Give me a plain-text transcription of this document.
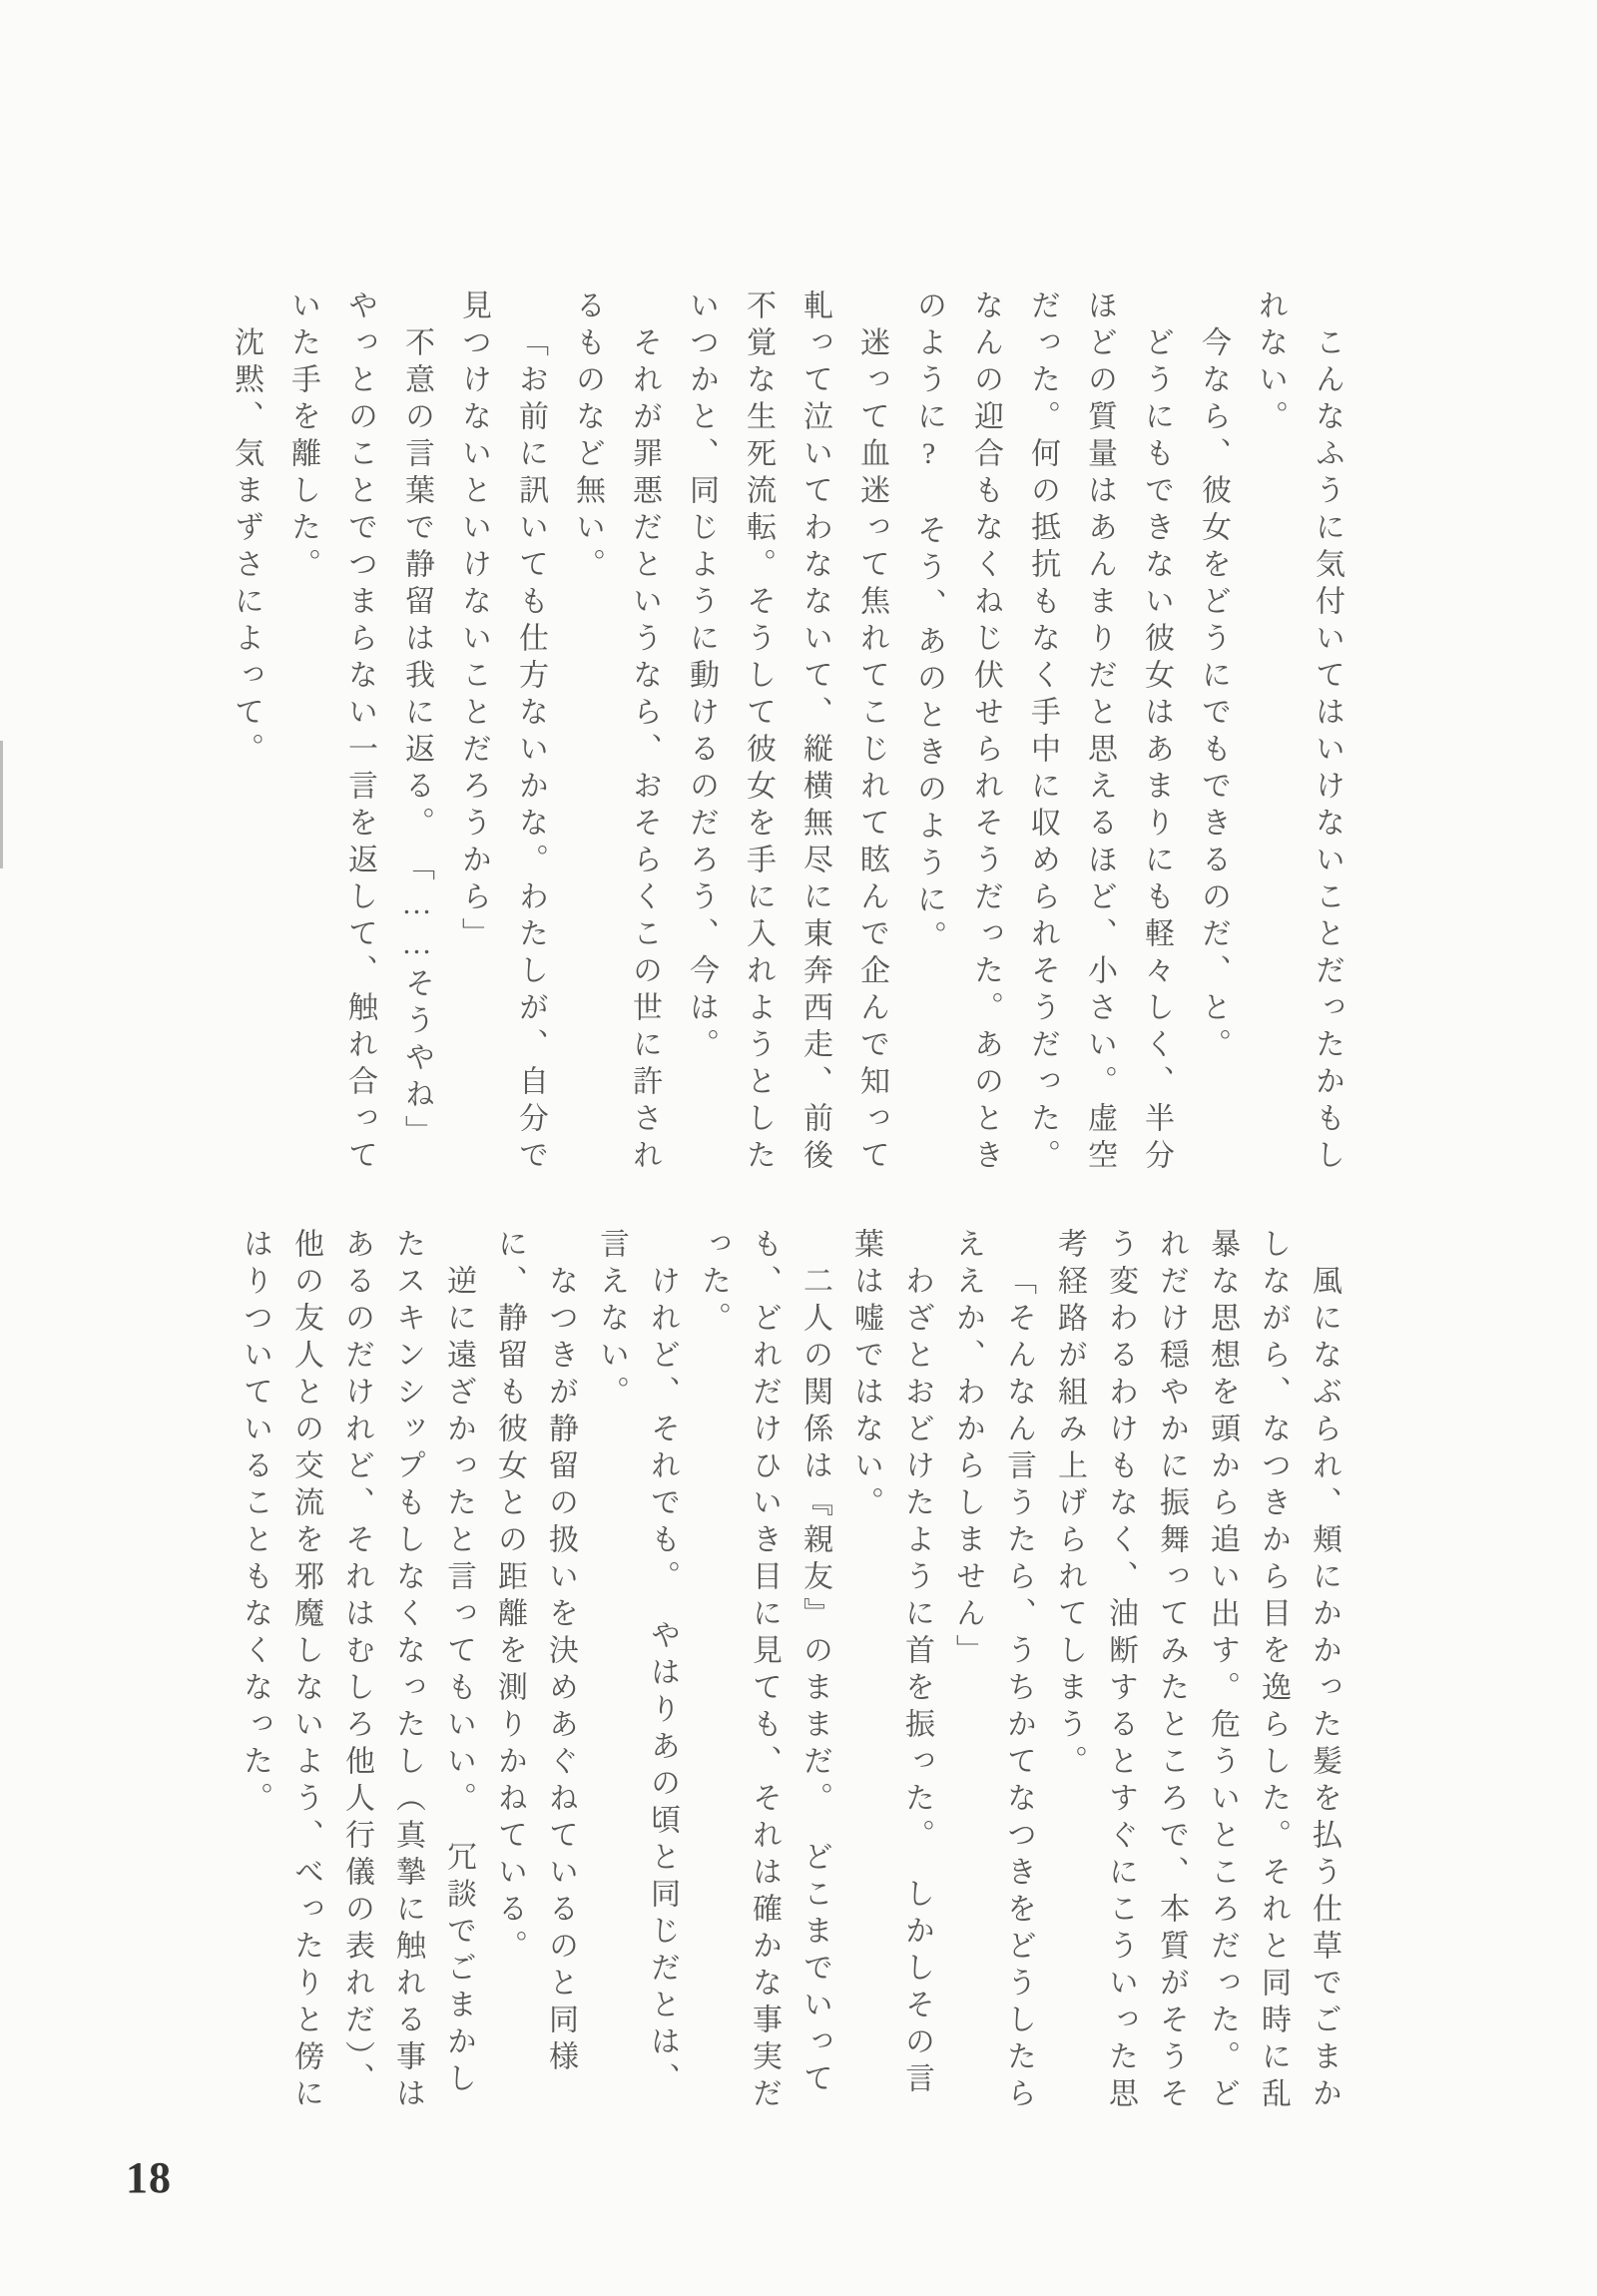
こんなふうに気付いてはいけないことだったかもしれない。

今なら、彼女をどうにでもできるのだ、と。

どうにもできない彼女はあまりにも軽々しく、半分ほどの質量はあんまりだと思えるほど、小さい。虚空だった。何の抵抗もなく手中に収められそうだった。なんの迎合もなくねじ伏せられそうだった。あのときのように?　そう、あのときのように。

迷って血迷って焦れてこじれて眩んで企んで知って軋って泣いてわなないて、縦横無尽に東奔西走、前後不覚な生死流転。そうして彼女を手に入れようとしたいつかと、同じように動けるのだろう、今は。

それが罪悪だというなら、おそらくこの世に許されるものなど無い。

「お前に訊いても仕方ないかな。わたしが、自分で見つけないといけないことだろうから」

不意の言葉で静留は我に返る。　「……そうやね」やっとのことでつまらない一言を返して、触れ合っていた手を離した。

沈黙、気まずさによって。

風になぶられ、頬にかかった髪を払う仕草でごまかしながら、なつきから目を逸らした。それと同時に乱暴な思想を頭から追い出す。危ういところだった。どれだけ穏やかに振舞ってみたところで、本質がそうそう変わるわけもなく、油断するとすぐにこういった思考経路が組み上げられてしまう。

「そんなん言うたら、うちかてなつきをどうしたらええか、わからしません」

わざとおどけたように首を振った。　しかしその言葉は嘘ではない。

二人の関係は『親友』のままだ。　どこまでいっても、どれだけひいき目に見ても、それは確かな事実だった。

けれど、それでも。　やはりあの頃と同じだとは、言えない。

なつきが静留の扱いを決めあぐねているのと同様に、静留も彼女との距離を測りかねている。

逆に遠ざかったと言ってもいい。　冗談でごまかしたスキンシップもしなくなったし（真摯に触れる事はあるのだけれど、それはむしろ他人行儀の表れだ）、他の友人との交流を邪魔しないよう、べったりと傍にはりついていることもなくなった。

18
